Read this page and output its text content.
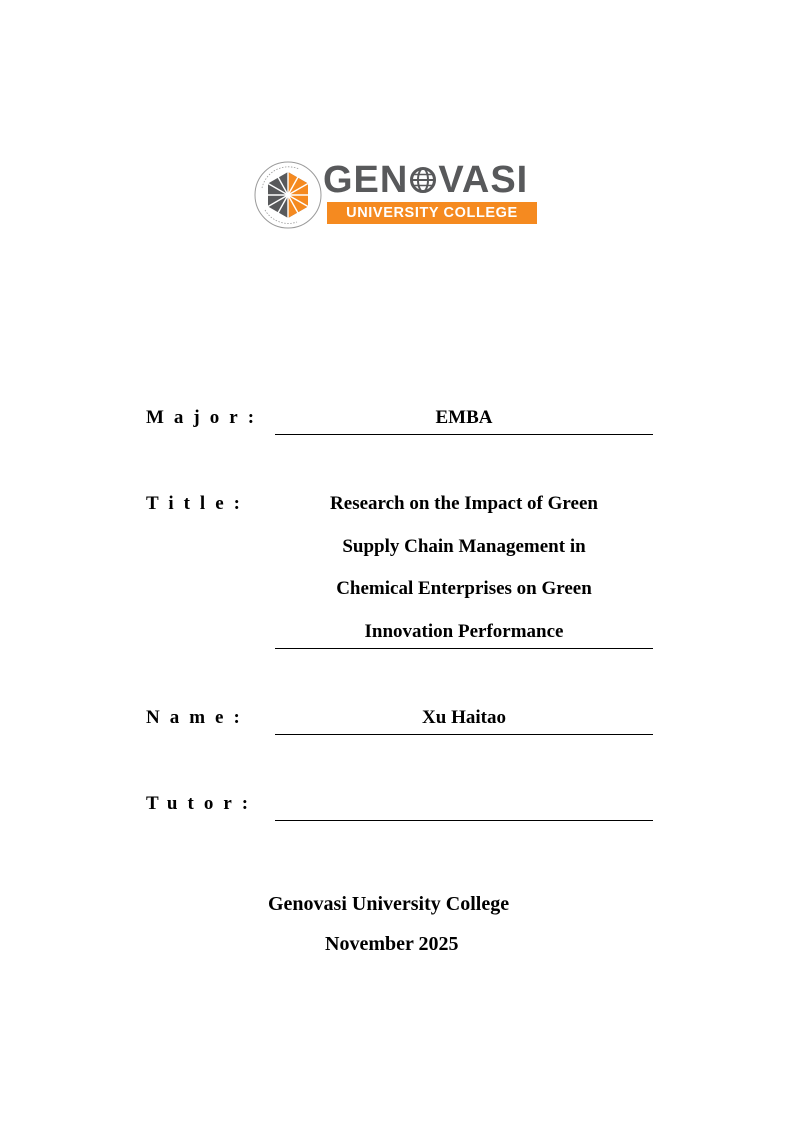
GEN VASI
UNIVERSITY COLLEGE
Major:	EMBA
Title:	Research on the Impact of Green
Supply Chain Management in
Chemical Enterprises on Green
Innovation Performance
Name:	Xu Haitao
Tutor:
Genovasi University College
November 2025
